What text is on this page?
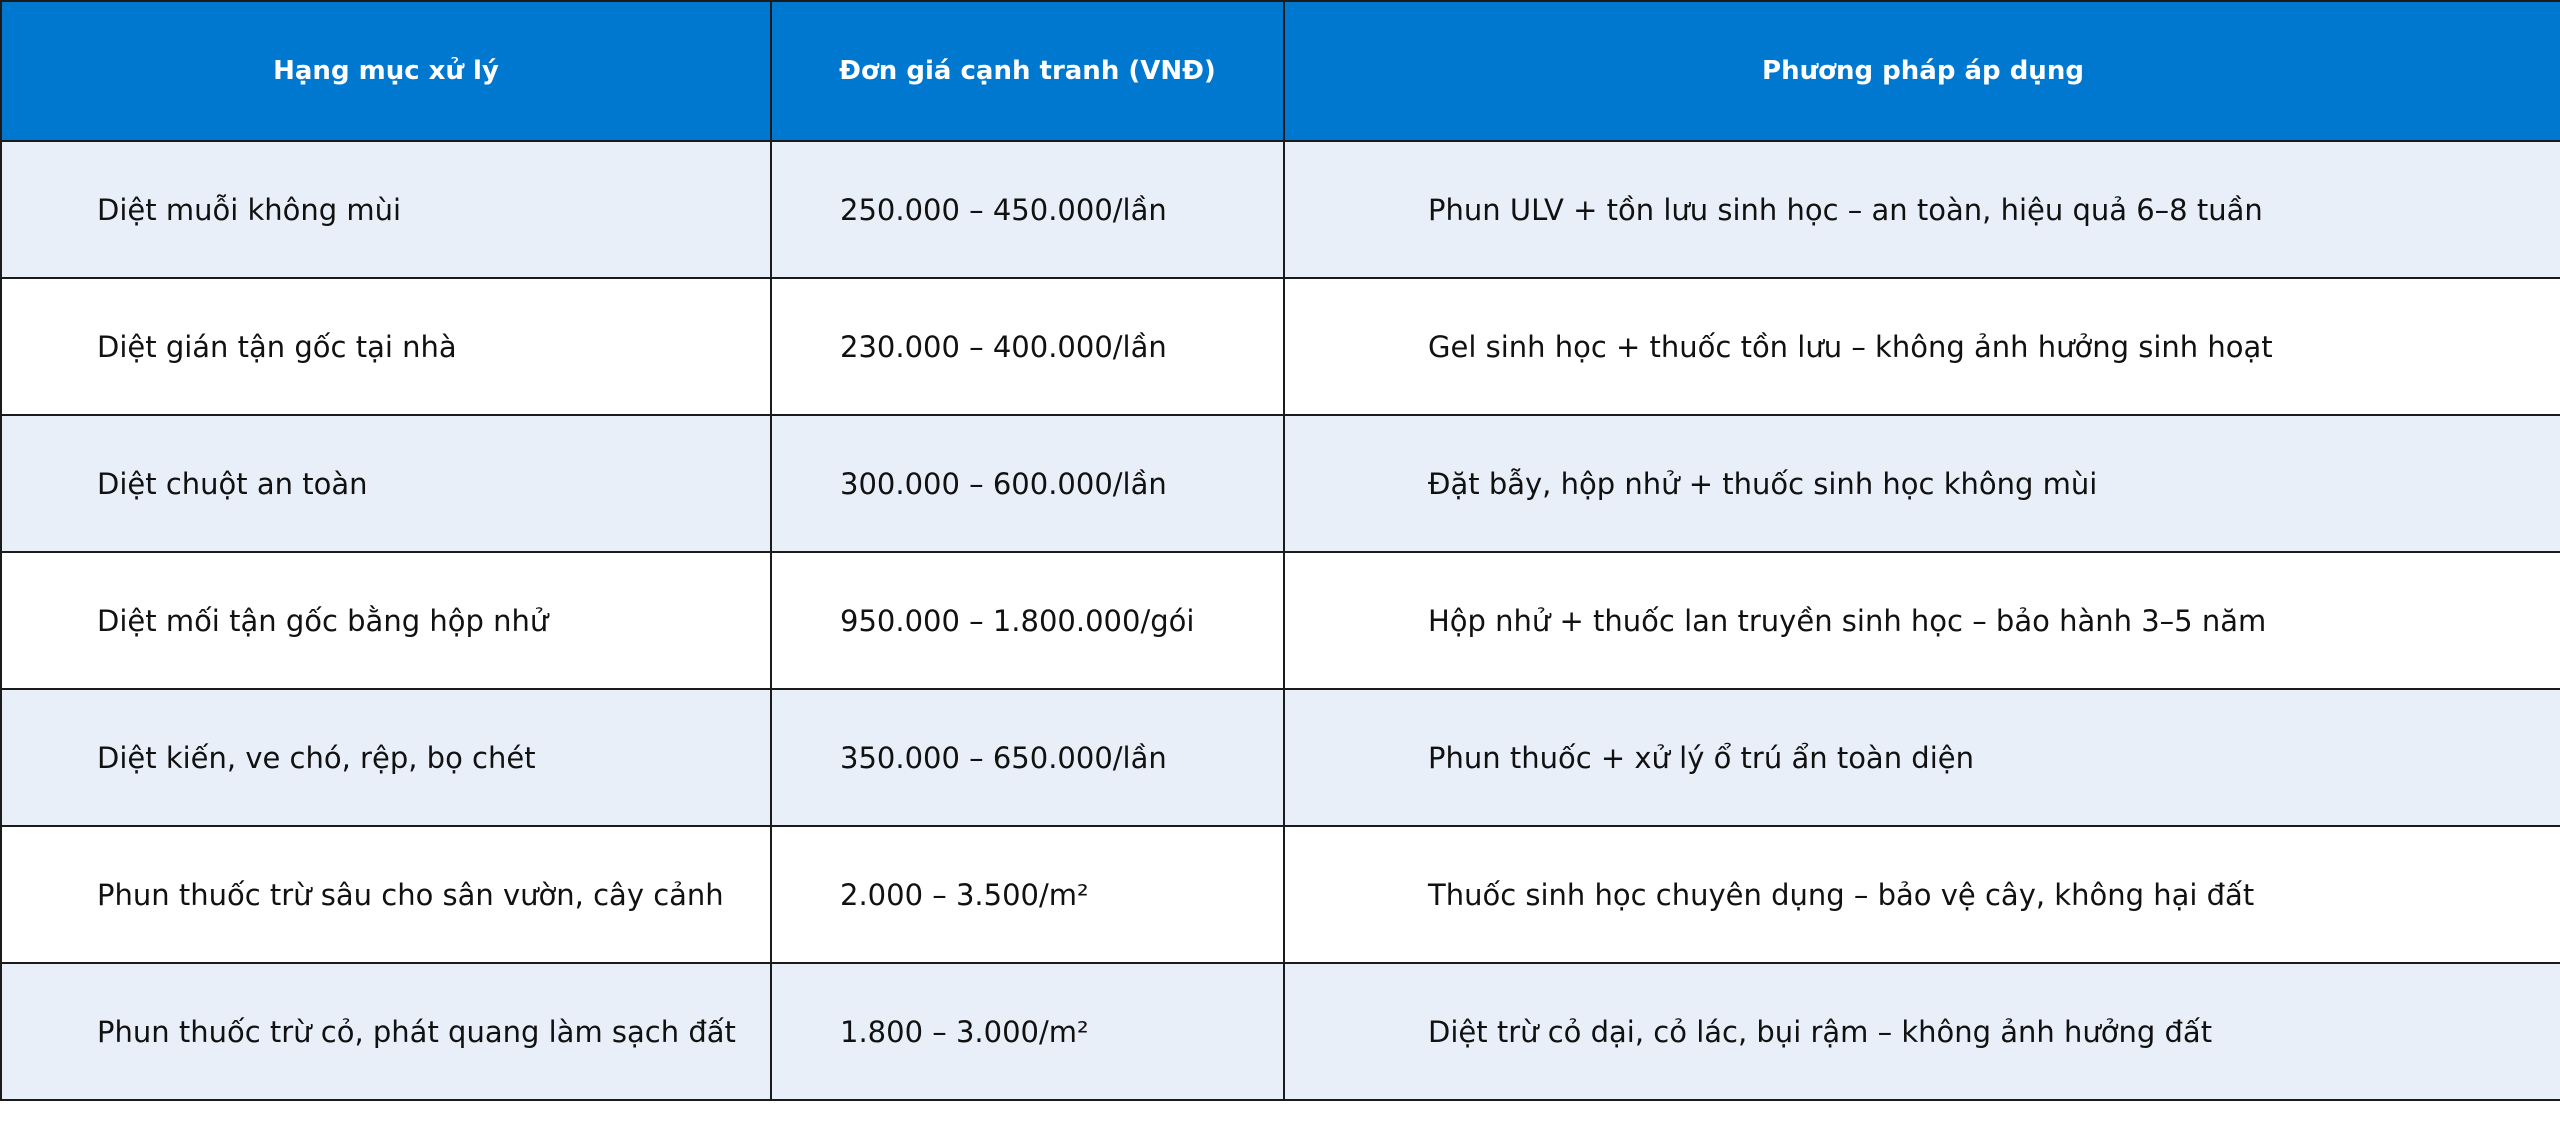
Hạng mục xử lý	Đơn giá cạnh tranh (VNĐ)	Phương pháp áp dụng
Diệt muỗi không mùi	250.000 – 450.000/lần	Phun ULV + tồn lưu sinh học – an toàn, hiệu quả 6–8 tuần
Diệt gián tận gốc tại nhà	230.000 – 400.000/lần	Gel sinh học + thuốc tồn lưu – không ảnh hưởng sinh hoạt
Diệt chuột an toàn	300.000 – 600.000/lần	Đặt bẫy, hộp nhử + thuốc sinh học không mùi
Diệt mối tận gốc bằng hộp nhử	950.000 – 1.800.000/gói	Hộp nhử + thuốc lan truyền sinh học – bảo hành 3–5 năm
Diệt kiến, ve chó, rệp, bọ chét	350.000 – 650.000/lần	Phun thuốc + xử lý ổ trú ẩn toàn diện
Phun thuốc trừ sâu cho sân vườn, cây cảnh	2.000 – 3.500/m²	Thuốc sinh học chuyên dụng – bảo vệ cây, không hại đất
Phun thuốc trừ cỏ, phát quang làm sạch đất	1.800 – 3.000/m²	Diệt trừ cỏ dại, cỏ lác, bụi rậm – không ảnh hưởng đất
